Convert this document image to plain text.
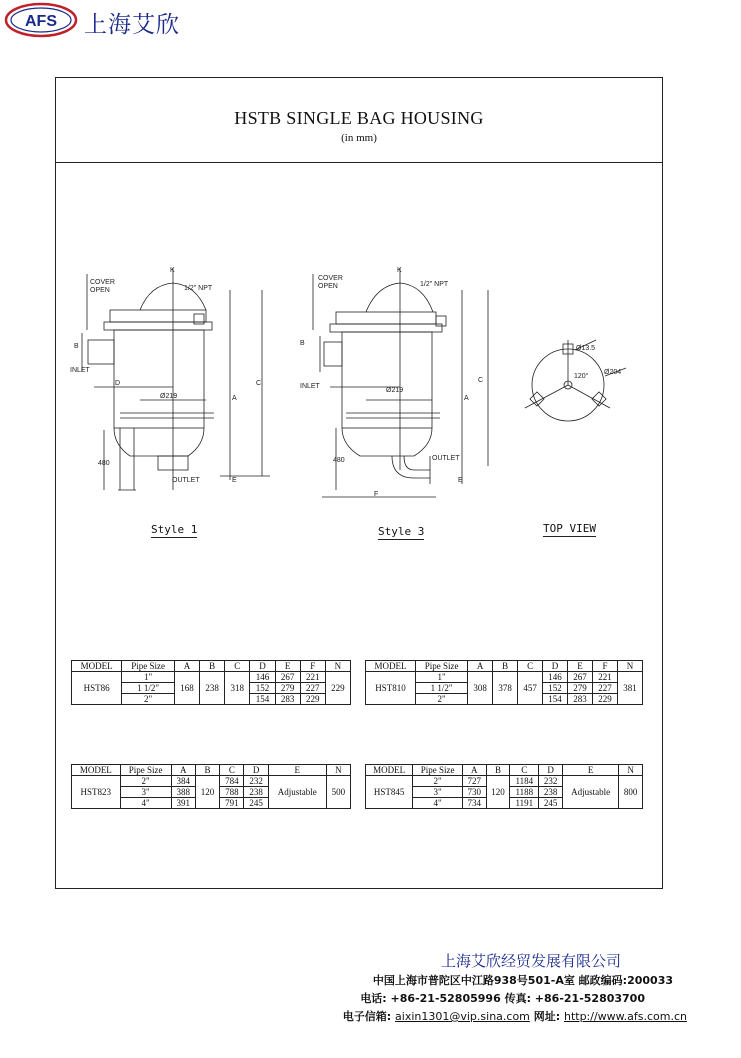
AFS 上海艾欣
HSTB SINGLE BAG HOUSING
(in mm)
K
COVER
OPEN	1/2" NPT
B
INLET
D
Ø219	A
C
480
OUTLET	E
K
COVER
OPEN	1/2" NPT
B
INLET
Ø219
A
C
480	OUTLET
E
F
Ø13.5
Ø204
120°
Style 1	Style 3	TOP VIEW
MODEL	Pipe Size	A	B	C	D	E	F	N
HST86	1"	168	238	318	146	267	221	229
	1 1/2"				152	279	227	
	2"				154	283	229	
MODEL	Pipe Size	A	B	C	D	E	F	N
HST810	1"	308	378	457	146	267	221	381
	1 1/2"				152	279	227	
	2"				154	283	229	
MODEL	Pipe Size	A	B	C	D	E	N
HST823	2"	384	120	784	232	Adjustable	500
	3"	388		788	238		
	4"	391		791	245		
MODEL	Pipe Size	A	B	C	D	E	N
HST845	2"	727	120	1184	232	Adjustable	800
	3"	730		1188	238		
	4"	734		1191	245		
上海艾欣经贸发展有限公司
中国上海市普陀区中江路938号501-A室 邮政编码:200033
电话: +86-21-52805996 传真: +86-21-52803700
电子信箱: aixin1301@vip.sina.com 网址: http://www.afs.com.cn
